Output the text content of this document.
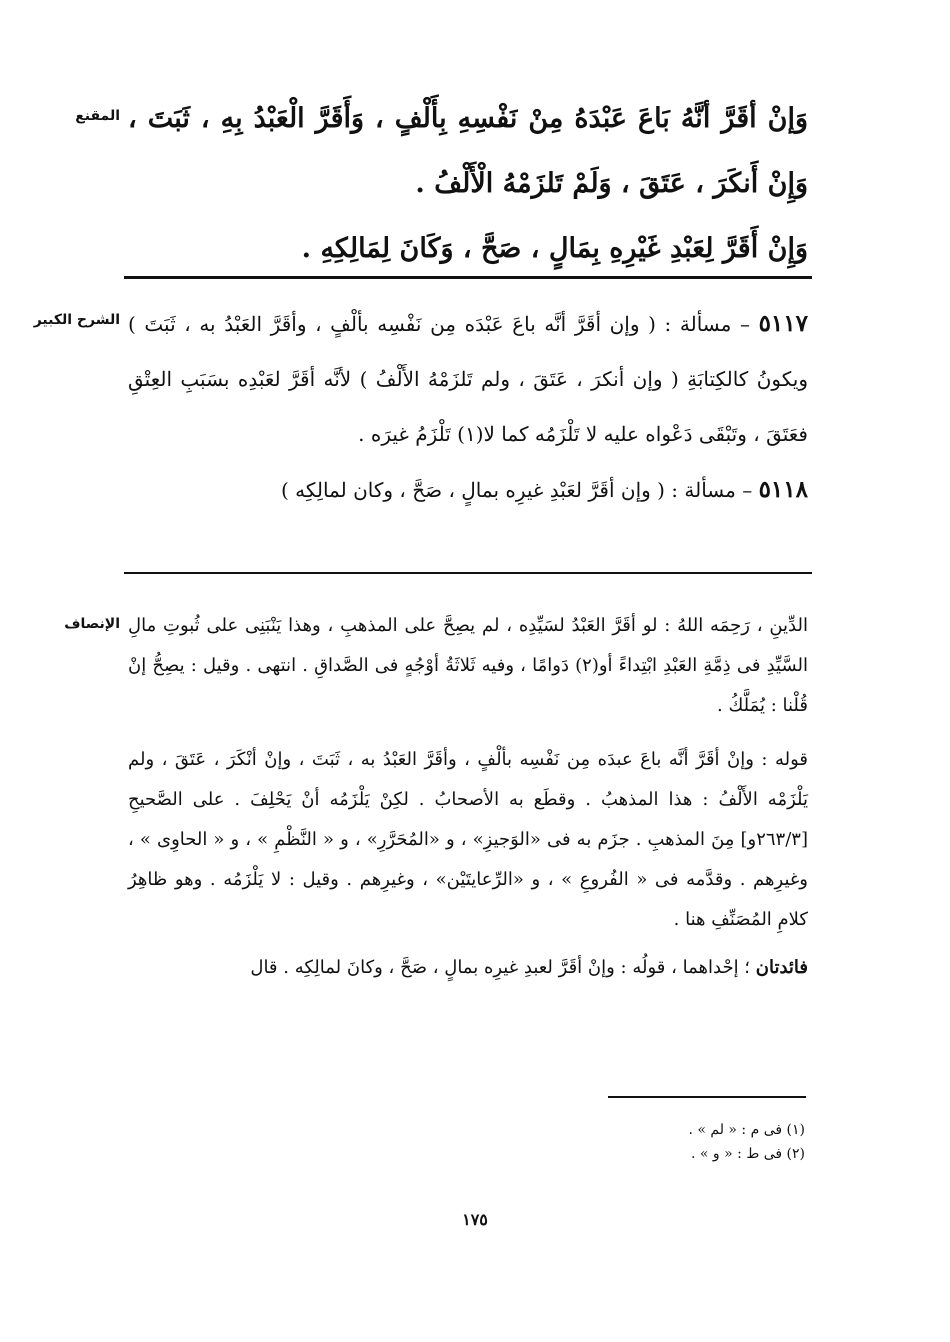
المقنع وَإنْ أقَرَّ أنَّهُ بَاعَ عَبْدَهُ مِنْ نَفْسِهِ بِأَلْفٍ ، وَأَقَرَّ الْعَبْدُ بِهِ ، ثَبَتَ ، وَإِنْ أَنكَرَ ، عَتَقَ ، وَلَمْ تَلزَمْهُ الْأَلْفُ .

وَإِنْ أَقَرَّ لِعَبْدِ غَيْرِهِ بِمَالٍ ، صَحَّ ، وَكَانَ لِمَالِكِهِ .

الشرح الكبير	٥١١٧ – مسألة : ( وإن أقَرَّ أنَّه باعَ عَبْدَه مِن نَفْسِه بألْفٍ ، وأقَرَّ العَبْدُ به ، ثَبَتَ ) ويكونُ كالكِتابَةِ ( وإن أنكرَ ، عَتَقَ ، ولم تَلزَمْهُ الأَلْفُ ) لأنَّه أقَرَّ لعَبْدِه بسَبَبِ العِتْقِ فعَتَقَ ، وتَبْقَى دَعْواه عليه لا تَلْزَمُه كما لا(١) تَلْزَمُ غيرَه .

٥١١٨ – مسألة : ( وإن أقَرَّ لعَبْدِ غيرِه بمالٍ ، صَحَّ ، وكان لمالِكِه )

الإنصاف الدِّينِ ، رَحِمَه اللهُ : لو أقَرَّ العَبْدُ لسَيِّدِه ، لم يصِحَّ على المذهبِ ، وهذا يَنْبَنِى على ثُبوتِ مالِ السَّيِّدِ فى ذِمَّةِ العَبْدِ ابْتِداءً أو(٢) دَوامًا ، وفيه ثَلاثَةُ أوْجُهٍ فى الصَّداقِ . انتهى . وقيل : يصِحُّ إنْ قُلْنا : يُمَلَّكُ .

قوله : وإنْ أقَرَّ أنَّه باعَ عبدَه مِن نَفْسِه بألْفٍ ، وأقَرَّ العَبْدُ به ، ثَبَتَ ، وإنْ أنْكَرَ ، عَتَقَ ، ولم يَلْزَمْه الأَلْفُ : هذا المذهبُ . وقطَع به الأصحابُ . لكِنْ يَلْزَمُه أنْ يَحْلِفَ . على الصَّحيحِ [٢٦٣/٣و] مِنَ المذهبِ . جزَم به فى «الوَجيزِ» ، و «المُحَرَّرِ» ، و « النَّظْمِ » ، و « الحاوِى » ، وغيرِهم . وقدَّمه فى « الفُروعِ » ، و «الرِّعايتَيْن» ، وغيرِهم . وقيل : لا يَلْزَمُه . وهو ظاهِرُ كلامِ المُصَنِّفِ هنا .

فائدتان ؛ إحْداهما ، قولُه : وإنْ أقَرَّ لعبدِ غيرِه بمالٍ ، صَحَّ ، وكانَ لمالِكِه . قال

(١) فى م : « لم » .
(٢) فى ط : « و » .
١٧٥
